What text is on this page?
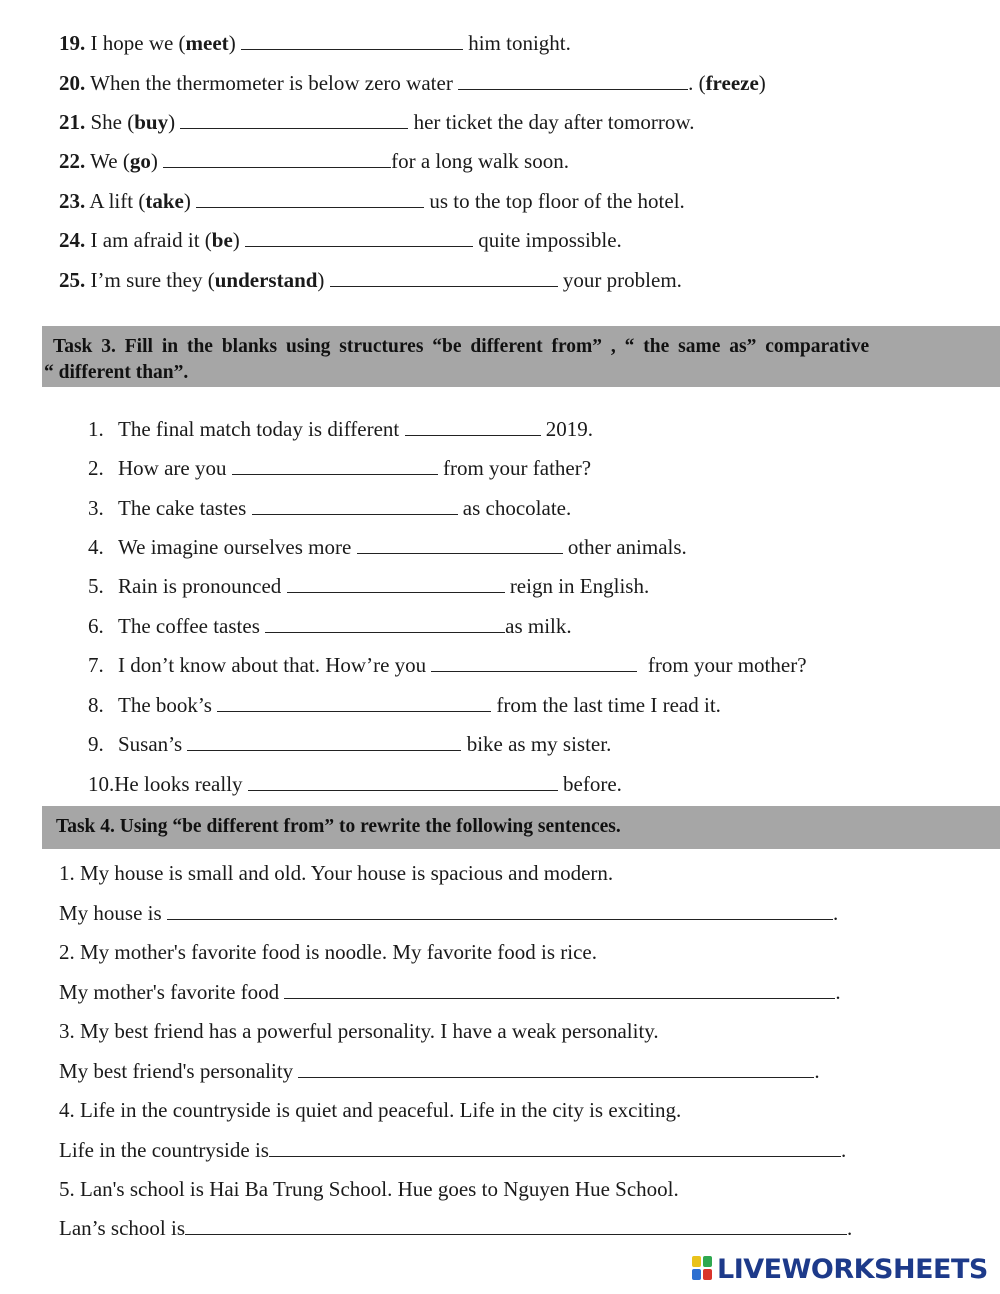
19. I hope we (meet)	him tonight.
20. When the thermometer is below zero water	. (freeze)
21. She (buy)	her ticket the day after tomorrow.
22. We (go)	for a long walk soon.
23. A lift (take)	us to the top floor of the hotel.
24. I am afraid it (be)	quite impossible.
25. I’m sure they (understand)	your problem.
Task 3. Fill in the blanks using structures “be different from” , “ the same as” comparative
“ different than”.
1. The final match today is different	2019.
2. How are you	from your father?
3. The cake tastes	as chocolate.
4. We imagine ourselves more	other animals.
5. Rain is pronounced	reign in English.
6. The coffee tastes	as milk.
7. I don’t know about that. How’re you	from your mother?
8. The book’s	from the last time I read it.
9. Susan’s	bike as my sister.
10.He looks really	before.
Task 4. Using “be different from” to rewrite the following sentences.
1. My house is small and old. Your house is spacious and modern.
My house is	.
2. My mother's favorite food is noodle. My favorite food is rice.
My mother's favorite food	.
3. My best friend has a powerful personality. I have a weak personality.
My best friend's personality	.
4. Life in the countryside is quiet and peaceful. Life in the city is exciting.
Life in the countryside is	.
5. Lan's school is Hai Ba Trung School. Hue goes to Nguyen Hue School.
Lan’s school is	.
LIVEWORKSHEETS
